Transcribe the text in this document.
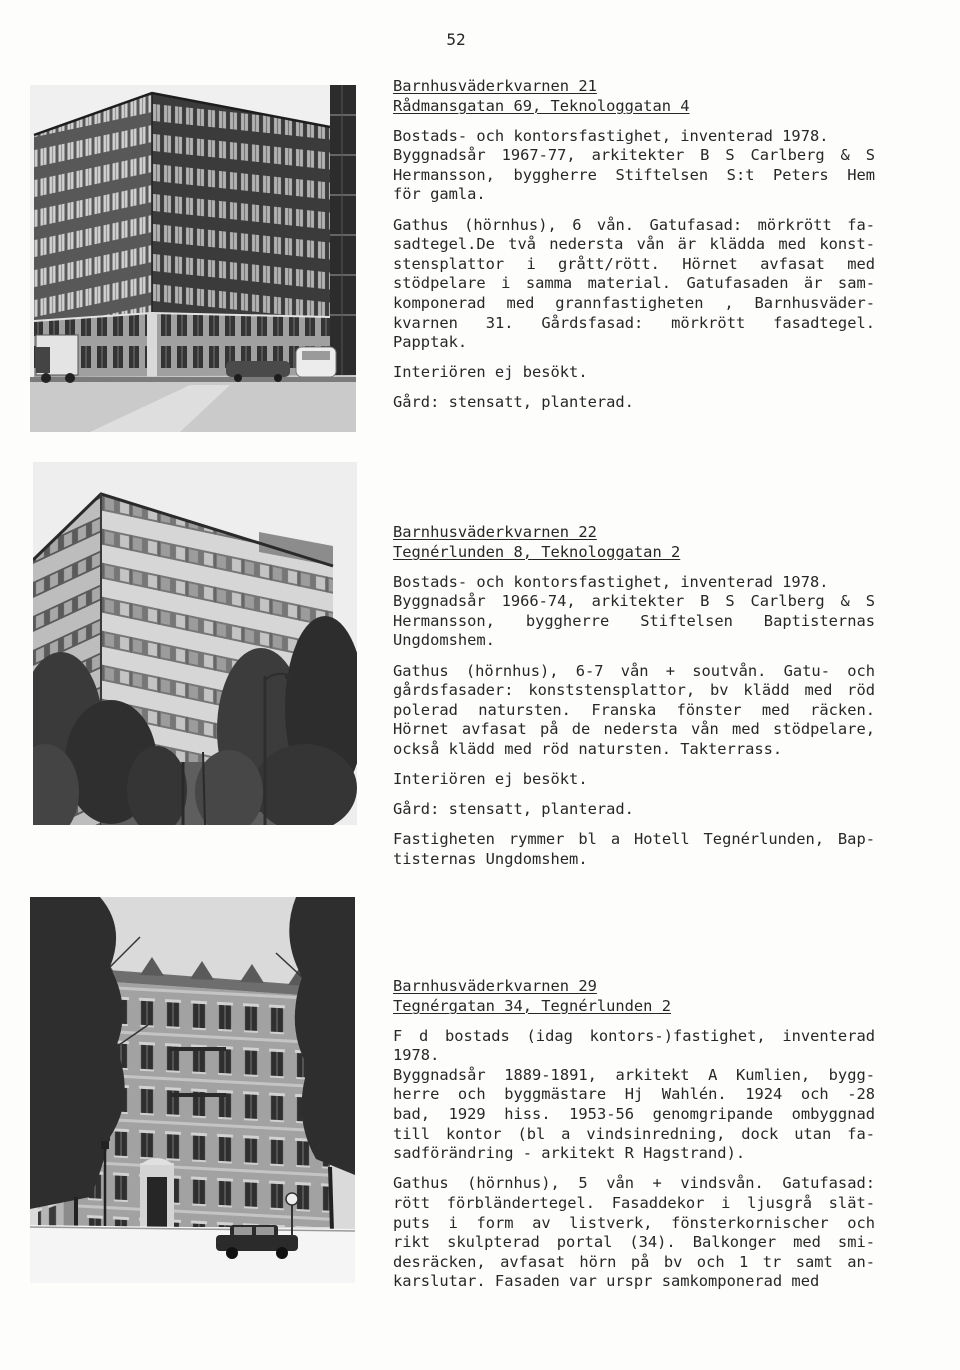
52
Barnhusväderkvarnen 21
Rådmansgatan 69, Teknologgatan 4
Bostads- och kontorsfastighet, inventerad 1978.
Byggnadsår 1967-77, arkitekter B S Carlberg & S
Hermansson, byggherre Stiftelsen S:t Peters Hem
för gamla.
Gathus (hörnhus), 6 vån. Gatufasad: mörkrött fa-
sadtegel.De två nedersta vån är klädda med konst-
stensplattor i grått/rött. Hörnet avfasat med
stödpelare i samma material. Gatufasaden är sam-
komponerad med grannfastigheten , Barnhusväder-
kvarnen 31. Gårdsfasad: mörkrött fasadtegel.
Papptak.
Interiören ej besökt.
Gård: stensatt, planterad.
Barnhusväderkvarnen 22
Tegnérlunden 8, Teknologgatan 2
Bostads- och kontorsfastighet, inventerad 1978.
Byggnadsår 1966-74, arkitekter B S Carlberg & S
Hermansson, byggherre Stiftelsen Baptisternas
Ungdomshem.
Gathus (hörnhus), 6-7 vån + soutvån. Gatu- och
gårdsfasader: konststensplattor, bv klädd med röd
polerad natursten. Franska fönster med räcken.
Hörnet avfasat på de nedersta vån med stödpelare,
också klädd med röd natursten. Takterrass.
Interiören ej besökt.
Gård: stensatt, planterad.
Fastigheten rymmer bl a Hotell Tegnérlunden, Bap-
tisternas Ungdomshem.
Barnhusväderkvarnen 29
Tegnérgatan 34, Tegnérlunden 2
F d bostads (idag kontors-)fastighet, inventerad
1978.
Byggnadsår 1889-1891, arkitekt A Kumlien, bygg-
herre och byggmästare Hj Wahlén. 1924 och -28
bad, 1929 hiss. 1953-56 genomgripande ombyggnad
till kontor (bl a vindsinredning, dock utan fa-
sadförändring - arkitekt R Hagstrand).
Gathus (hörnhus), 5 vån + vindsvån. Gatufasad:
rött förbländertegel. Fasaddekor i ljusgrå slät-
puts i form av listverk, fönsterkornischer och
rikt skulpterad portal (34). Balkonger med smi-
desräcken, avfasat hörn på bv och 1 tr samt an-
karslutar. Fasaden var urspr samkomponerad med
